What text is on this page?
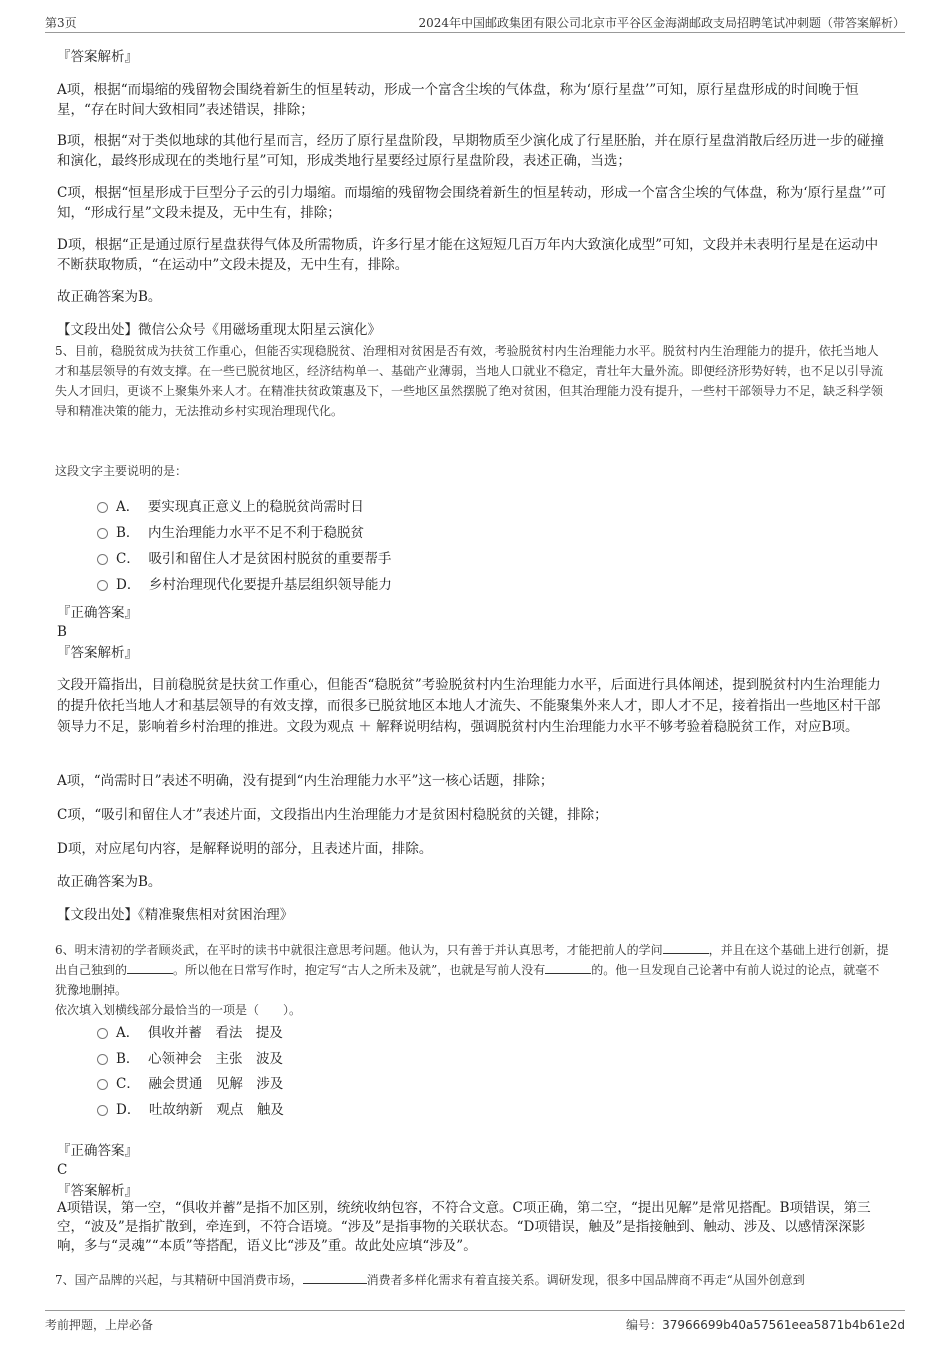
第3页	2024年中国邮政集团有限公司北京市平谷区金海湖邮政支局招聘笔试冲刺题（带答案解析）

『答案解析』

A项，根据“而塌缩的残留物会围绕着新生的恒星转动，形成一个富含尘埃的气体盘，称为‘原行星盘’”可知，原行星盘形成的时间晚于恒星，“存在时间大致相同”表述错误，排除；

B项，根据“对于类似地球的其他行星而言，经历了原行星盘阶段，早期物质至少演化成了行星胚胎，并在原行星盘消散后经历进一步的碰撞和演化，最终形成现在的类地行星”可知，形成类地行星要经过原行星盘阶段，表述正确，当选；

C项，根据“恒星形成于巨型分子云的引力塌缩。而塌缩的残留物会围绕着新生的恒星转动，形成一个富含尘埃的气体盘，称为‘原行星盘’”可知，“形成行星”文段未提及，无中生有，排除；

D项，根据“正是通过原行星盘获得气体及所需物质，许多行星才能在这短短几百万年内大致演化成型”可知，文段并未表明行星是在运动中不断获取物质，“在运动中”文段未提及，无中生有，排除。

故正确答案为B。

【文段出处】微信公众号《用磁场重现太阳星云演化》

5、目前，稳脱贫成为扶贫工作重心，但能否实现稳脱贫、治理相对贫困是否有效，考验脱贫村内生治理能力水平。脱贫村内生治理能力的提升，依托当地人才和基层领导的有效支撑。在一些已脱贫地区，经济结构单一、基础产业薄弱，当地人口就业不稳定，青壮年大量外流。即便经济形势好转，也不足以引导流失人才回归，更谈不上聚集外来人才。在精准扶贫政策惠及下，一些地区虽然摆脱了绝对贫困，但其治理能力没有提升，一些村干部领导力不足，缺乏科学领导和精准决策的能力，无法推动乡村实现治理现代化。

这段文字主要说明的是：

A． 要实现真正意义上的稳脱贫尚需时日
B． 内生治理能力水平不足不利于稳脱贫
C． 吸引和留住人才是贫困村脱贫的重要帮手
D． 乡村治理现代化要提升基层组织领导能力

『正确答案』

B

『答案解析』

文段开篇指出，目前稳脱贫是扶贫工作重心，但能否“稳脱贫”考验脱贫村内生治理能力水平，后面进行具体阐述，提到脱贫村内生治理能力的提升依托当地人才和基层领导的有效支撑，而很多已脱贫地区本地人才流失、不能聚集外来人才，即人才不足，接着指出一些地区村干部领导力不足，影响着乡村治理的推进。文段为观点 ＋ 解释说明结构，强调脱贫村内生治理能力水平不够考验着稳脱贫工作，对应B项。

A项，“尚需时日”表述不明确，没有提到“内生治理能力水平”这一核心话题，排除；

C项，“吸引和留住人才”表述片面，文段指出内生治理能力才是贫困村稳脱贫的关键，排除；

D项，对应尾句内容，是解释说明的部分，且表述片面，排除。

故正确答案为B。

【文段出处】《精准聚焦相对贫困治理》

6、明末清初的学者顾炎武，在平时的读书中就很注意思考问题。他认为，只有善于并认真思考，才能把前人的学问	，并且在这个基础上进行创新，提出自己独到的	。所以他在日常写作时，抱定写“古人之所未及就”，也就是写前人没有	的。他一旦发现自己论著中有前人说过的论点，就毫不犹豫地删掉。

依次填入划横线部分最恰当的一项是（　　）。

A． 俱收并蓄　看法　提及
B． 心领神会　主张　波及
C． 融会贯通　见解　涉及
D． 吐故纳新　观点　触及

『正确答案』

C

『答案解析』

A项错误，第一空，“俱收并蓄”是指不加区别，统统收纳包容，不符合文意。C项正确，第二空，“提出见解”是常见搭配。B项错误，第三空，“波及”是指扩散到，牵连到，不符合语境。“涉及”是指事物的关联状态。“D项错误，触及”是指接触到、触动、涉及、以感情深深影响，多与“灵魂”“本质”等搭配，语义比“涉及”重。故此处应填“涉及”。

7、国产品牌的兴起，与其精研中国消费市场，	消费者多样化需求有着直接关系。调研发现，很多中国品牌商不再走“从国外创意到

考前押题，上岸必备	编号：37966699b40a57561eea5871b4b61e2d
